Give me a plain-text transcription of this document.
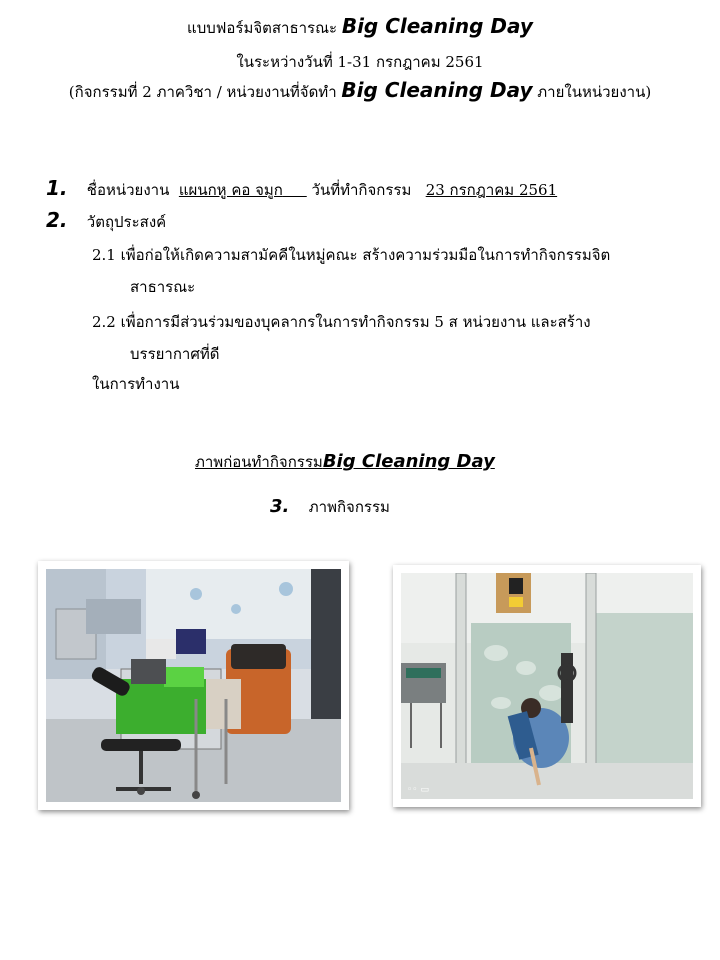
แบบฟอร์มจิตสาธารณะ Big Cleaning Day
ในระหว่างวันที่ 1-31 กรกฎาคม 2561
(กิจกรรมที่ 2 ภาควิชา / หน่วยงานที่จัดทำ Big Cleaning Day ภายในหน่วยงาน)
1. ชื่อหน่วยงาน แผนกหู คอ จมูก วันที่ทำกิจกรรม 23 กรกฎาคม 2561
2. วัตถุประสงค์
2.1 เพื่อก่อให้เกิดความสามัคคีในหมู่คณะ สร้างความร่วมมือในการทำกิจกรรมจิต
สาธารณะ
2.2 เพื่อการมีส่วนร่วมของบุคลากรในการทำกิจกรรม 5 ส หน่วยงาน และสร้าง
บรรยากาศที่ดี
ในการทำงาน
ภาพก่อนทำกิจกรรมBig Cleaning Day
3. ภาพกิจกรรม
◦◦ ▭
